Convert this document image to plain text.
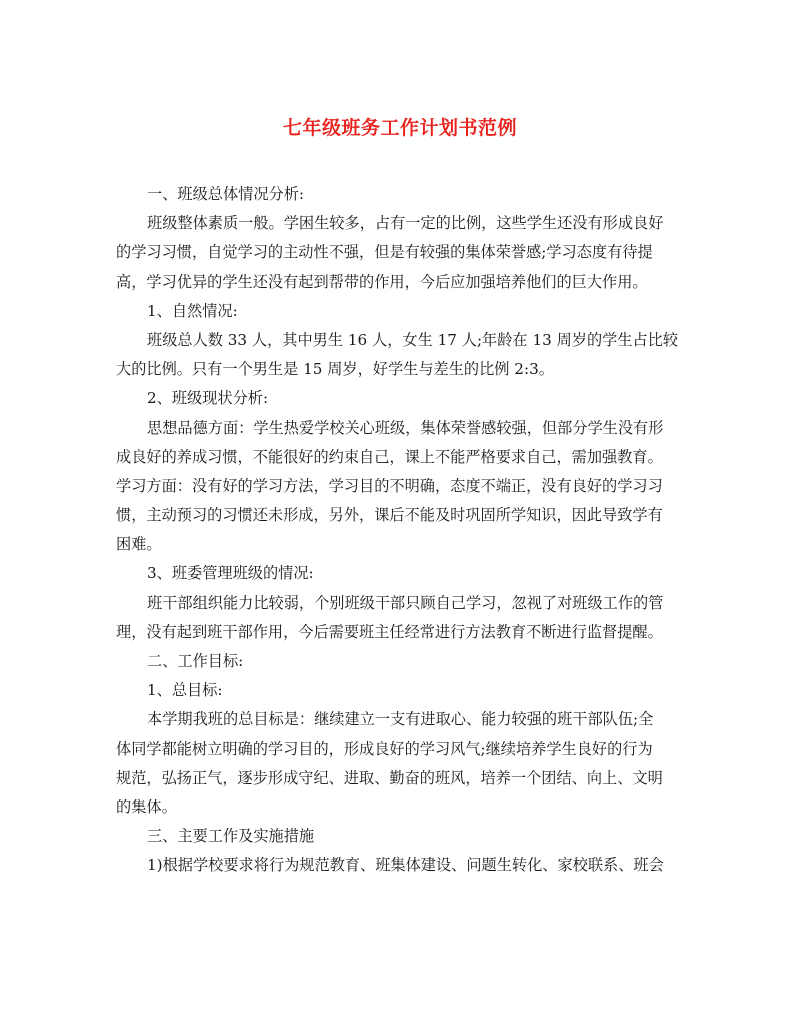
七年级班务工作计划书范例
一、班级总体情况分析:
班级整体素质一般。学困生较多，占有一定的比例，这些学生还没有形成良好
的学习习惯，自觉学习的主动性不强，但是有较强的集体荣誉感;学习态度有待提
高，学习优异的学生还没有起到帮带的作用，今后应加强培养他们的巨大作用。
1、自然情况:
班级总人数 33 人，其中男生 16 人，女生 17 人;年龄在 13 周岁的学生占比较
大的比例。只有一个男生是 15 周岁，好学生与差生的比例 2:3。
2、班级现状分析:
思想品德方面：学生热爱学校关心班级，集体荣誉感较强，但部分学生没有形
成良好的养成习惯，不能很好的约束自己，课上不能严格要求自己，需加强教育。
学习方面：没有好的学习方法，学习目的不明确，态度不端正，没有良好的学习习
惯，主动预习的习惯还未形成，另外，课后不能及时巩固所学知识，因此导致学有
困难。
3、班委管理班级的情况:
班干部组织能力比较弱，个别班级干部只顾自己学习，忽视了对班级工作的管
理，没有起到班干部作用，今后需要班主任经常进行方法教育不断进行监督提醒。
二、工作目标:
1、总目标:
本学期我班的总目标是：继续建立一支有进取心、能力较强的班干部队伍;全
体同学都能树立明确的学习目的，形成良好的学习风气;继续培养学生良好的行为
规范，弘扬正气，逐步形成守纪、进取、勤奋的班风，培养一个团结、向上、文明
的集体。
三、主要工作及实施措施
1)根据学校要求将行为规范教育、班集体建设、问题生转化、家校联系、班会
